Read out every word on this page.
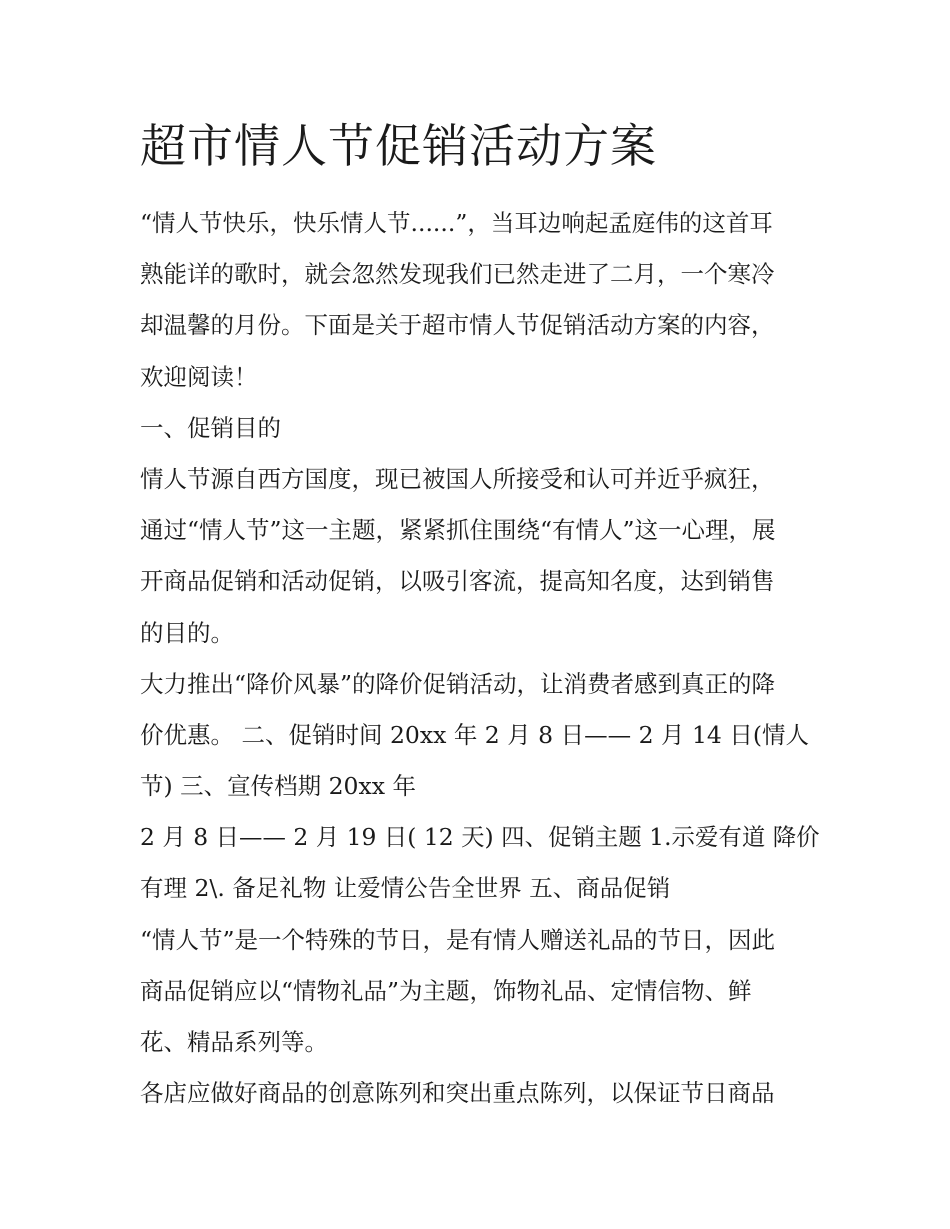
超市情人节促销活动方案
“情人节快乐，快乐情人节......”，当耳边响起孟庭伟的这首耳
熟能详的歌时，就会忽然发现我们已然走进了二月，一个寒冷
却温馨的月份。下面是关于超市情人节促销活动方案的内容，
欢迎阅读！
一、促销目的
情人节源自西方国度，现已被国人所接受和认可并近乎疯狂，
通过“情人节”这一主题，紧紧抓住围绕“有情人”这一心理，展
开商品促销和活动促销，以吸引客流，提高知名度，达到销售
的目的。
大力推出“降价风暴”的降价促销活动，让消费者感到真正的降
价优惠。 二、促销时间 20xx 年 2 月 8 日—— 2 月 14 日(情人
节) 三、宣传档期 20xx 年
2 月 8 日—— 2 月 19 日( 12 天) 四、促销主题 1.示爱有道 降价
有理 2\. 备足礼物 让爱情公告全世界 五、商品促销
“情人节”是一个特殊的节日，是有情人赠送礼品的节日，因此
商品促销应以“情物礼品”为主题，饰物礼品、定情信物、鲜
花、精品系列等。
各店应做好商品的创意陈列和突出重点陈列，以保证节日商品
